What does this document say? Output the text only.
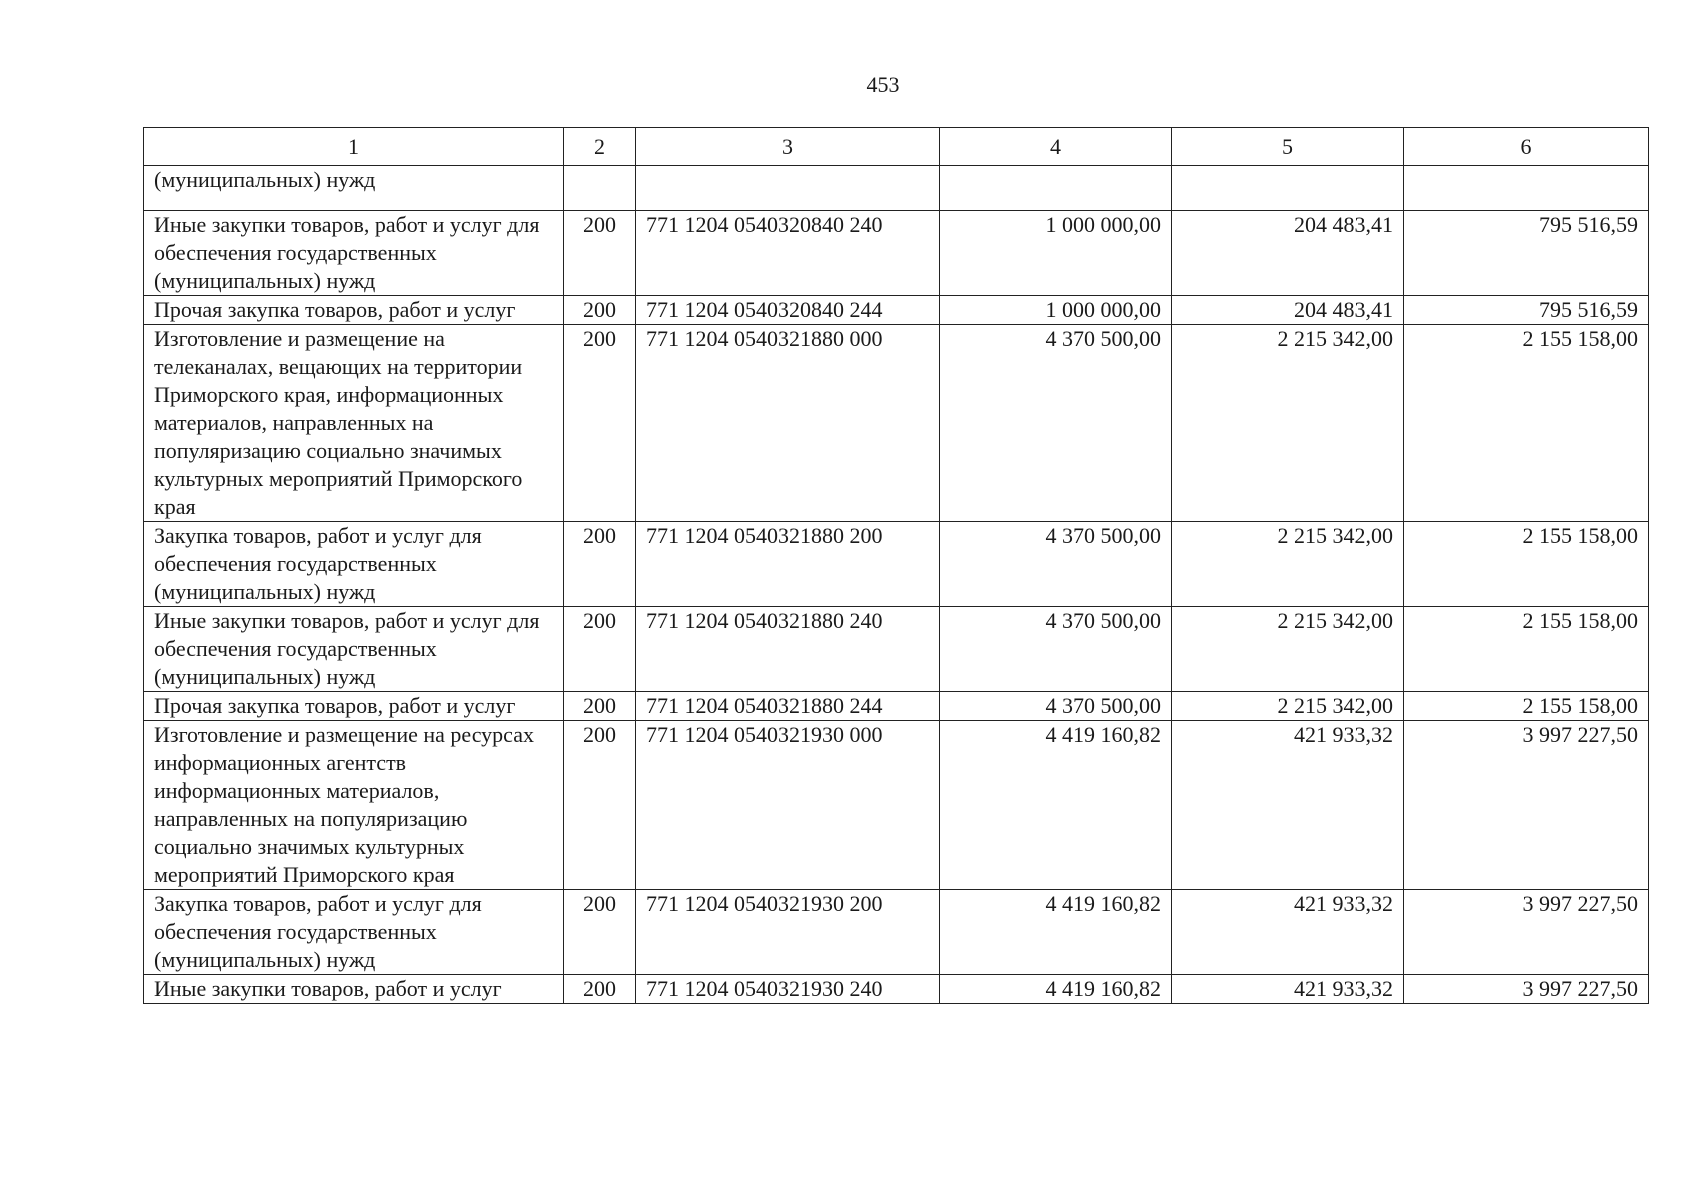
453
1	2	3	4	5	6
(муниципальных) нужд					
Иные закупки товаров, работ и услуг для обеспечения государственных (муниципальных) нужд	200	771 1204 0540320840 240	1 000 000,00	204 483,41	795 516,59
Прочая закупка товаров, работ и услуг	200	771 1204 0540320840 244	1 000 000,00	204 483,41	795 516,59
Изготовление и размещение на телеканалах, вещающих на территории Приморского края, информационных материалов, направленных на популяризацию социально значимых культурных мероприятий Приморского края	200	771 1204 0540321880 000	4 370 500,00	2 215 342,00	2 155 158,00
Закупка товаров, работ и услуг для обеспечения государственных (муниципальных) нужд	200	771 1204 0540321880 200	4 370 500,00	2 215 342,00	2 155 158,00
Иные закупки товаров, работ и услуг для обеспечения государственных (муниципальных) нужд	200	771 1204 0540321880 240	4 370 500,00	2 215 342,00	2 155 158,00
Прочая закупка товаров, работ и услуг	200	771 1204 0540321880 244	4 370 500,00	2 215 342,00	2 155 158,00
Изготовление и размещение на ресурсах информационных агентств информационных материалов, направленных на популяризацию социально значимых культурных мероприятий Приморского края	200	771 1204 0540321930 000	4 419 160,82	421 933,32	3 997 227,50
Закупка товаров, работ и услуг для обеспечения государственных (муниципальных) нужд	200	771 1204 0540321930 200	4 419 160,82	421 933,32	3 997 227,50
Иные закупки товаров, работ и услуг	200	771 1204 0540321930 240	4 419 160,82	421 933,32	3 997 227,50
